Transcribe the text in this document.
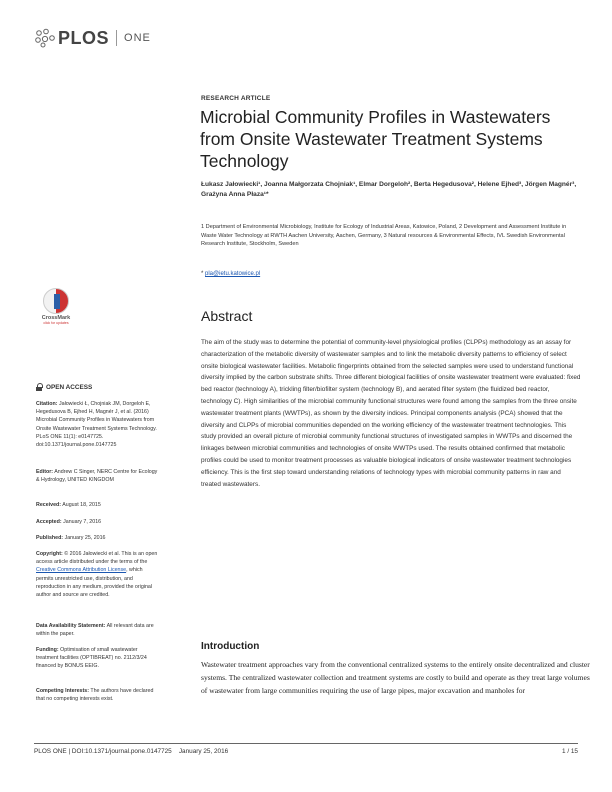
PLOS ONE
RESEARCH ARTICLE
Microbial Community Profiles in Wastewaters from Onsite Wastewater Treatment Systems Technology
Łukasz Jałowiecki¹, Joanna Małgorzata Chojniak¹, Elmar Dorgeloh², Berta Hegedusova², Helene Ejhed³, Jörgen Magnér³, Grażyna Anna Płaza¹*
1 Department of Environmental Microbiology, Institute for Ecology of Industrial Areas, Katowice, Poland, 2 Development and Assessment Institute in Waste Water Technology at RWTH Aachen University, Aachen, Germany, 3 Natural resources & Environmental Effects, IVL Swedish Environmental Research Institute, Stockholm, Sweden
* pla@ietu.katowice.pl
CrossMark
click for updates	Abstract
The aim of the study was to determine the potential of community-level physiological profiles (CLPPs) methodology as an assay for characterization of the metabolic diversity of wastewater samples and to link the metabolic diversity patterns to efficiency of select onsite biological wastewater facilities. Metabolic fingerprints obtained from the selected samples were used to understand functional diversity implied by the carbon substrate shifts. Three different biological facilities of onsite wastewater treatment were evaluated: fixed bed reactor (technology A), trickling filter/biofilter system (technology B), and aerated filter system (the fluidized bed reactor, technology C). High similarities of the microbial community functional structures were found among the samples from the three onsite wastewater treatment plants (WWTPs), as shown by the diversity indices. Principal components analysis (PCA) showed that the diversity and CLPPs of microbial communities depended on the working efficiency of the wastewater treatment technologies. This study provided an overall picture of microbial community functional structures of investigated samples in WWTPs and discerned the linkages between microbial communities and technologies of onsite WWTPs used. The results obtained confirmed that metabolic profiles could be used to monitor treatment processes as valuable biological indicators of onsite wastewater treatment technologies efficiency. This is the first step toward understanding relations of technology types with microbial community patterns in raw and treated wastewaters.
OPEN ACCESS
Citation: Jałowiecki Ł, Chojniak JM, Dorgeloh E, Hegedusova B, Ejhed H, Magnér J, et al. (2016) Microbial Community Profiles in Wastewaters from Onsite Wastewater Treatment Systems Technology. PLoS ONE 11(1): e0147725. doi:10.1371/journal.pone.0147725
Editor: Andrew C Singer, NERC Centre for Ecology & Hydrology, UNITED KINGDOM
Received: August 18, 2015
Accepted: January 7, 2016
Published: January 25, 2016
Copyright: © 2016 Jałowiecki et al. This is an open access article distributed under the terms of the Creative Commons Attribution License, which permits unrestricted use, distribution, and reproduction in any medium, provided the original author and source are credited.
Data Availability Statement: All relevant data are within the paper.
Funding: Optimisation of small wastewater treatment facilities (OPTIBREAT) no. 2112/3/24 financed by BONUS EEIG.
Competing Interests: The authors have declared that no competing interests exist.
Introduction
Wastewater treatment approaches vary from the conventional centralized systems to the entirely onsite decentralized and cluster systems. The centralized wastewater collection and treatment systems are costly to build and operate as they treat large volumes of wastewater from large communities requiring the use of large pipes, major excavation and manholes for
PLOS ONE | DOI:10.1371/journal.pone.0147725    January 25, 2016	1 / 15
